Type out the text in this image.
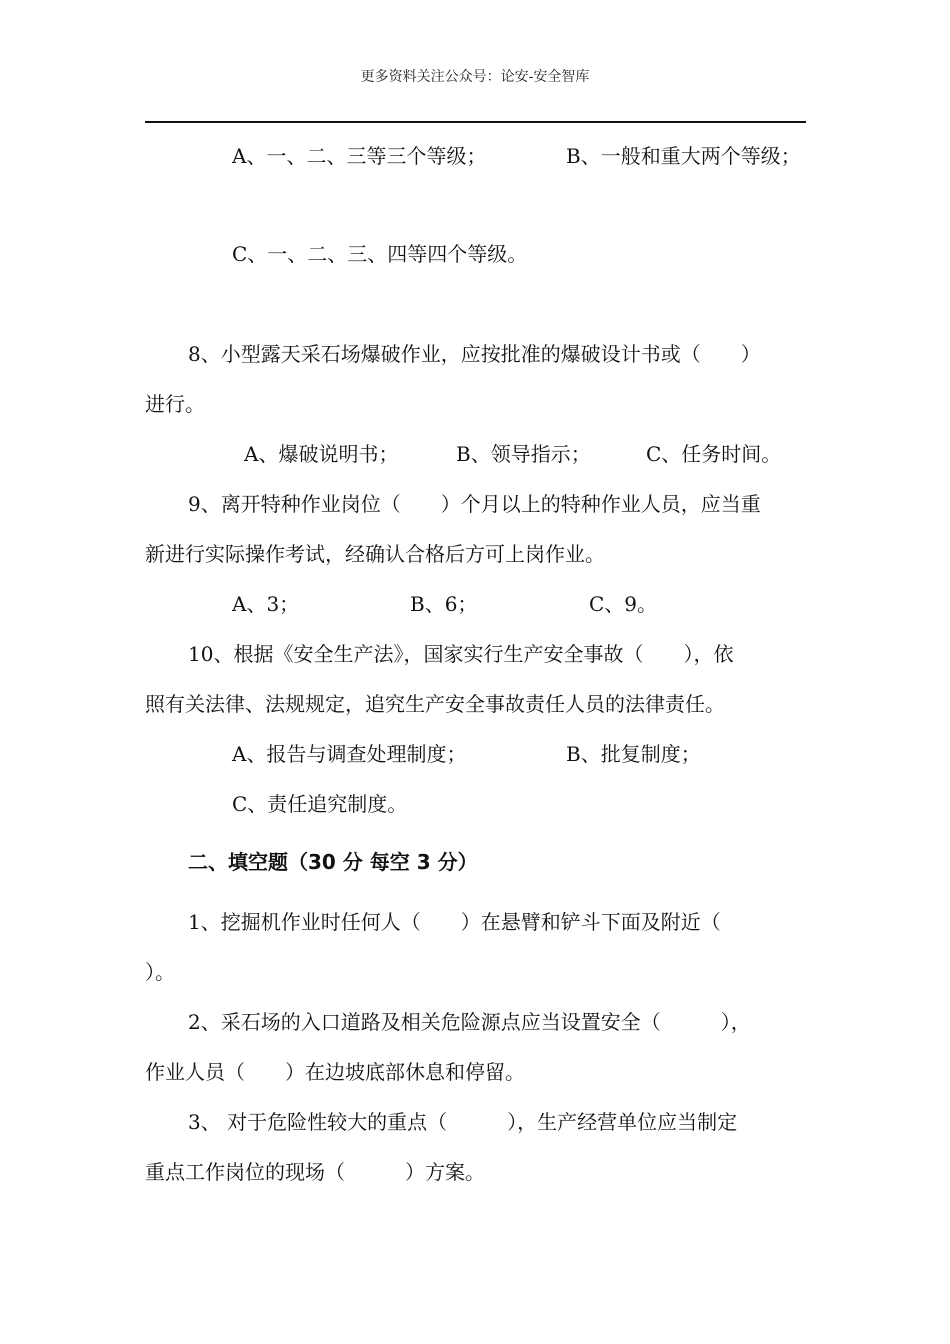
更多资料关注公众号：论安-安全智库
A、一、二、三等三个等级；	B、一般和重大两个等级；
C、一、二、三、四等四个等级。
8、小型露天采石场爆破作业，应按批准的爆破设计书或（　　）
进行。
A、爆破说明书；	B、领导指示；	C、任务时间。
9、离开特种作业岗位（　　）个月以上的特种作业人员，应当重
新进行实际操作考试，经确认合格后方可上岗作业。
A、3；	B、6；	C、9。
10、根据《安全生产法》，国家实行生产安全事故（　　），依
照有关法律、法规规定，追究生产安全事故责任人员的法律责任。
A、报告与调查处理制度；	B、批复制度；
C、责任追究制度。
二、填空题（30 分 每空 3 分）
1、挖掘机作业时任何人（　　）在悬臂和铲斗下面及附近（
）。
2、采石场的入口道路及相关危险源点应当设置安全（　　　），
作业人员（　　）在边坡底部休息和停留。
3、 对于危险性较大的重点（　　　），生产经营单位应当制定
重点工作岗位的现场（　　　）方案。
